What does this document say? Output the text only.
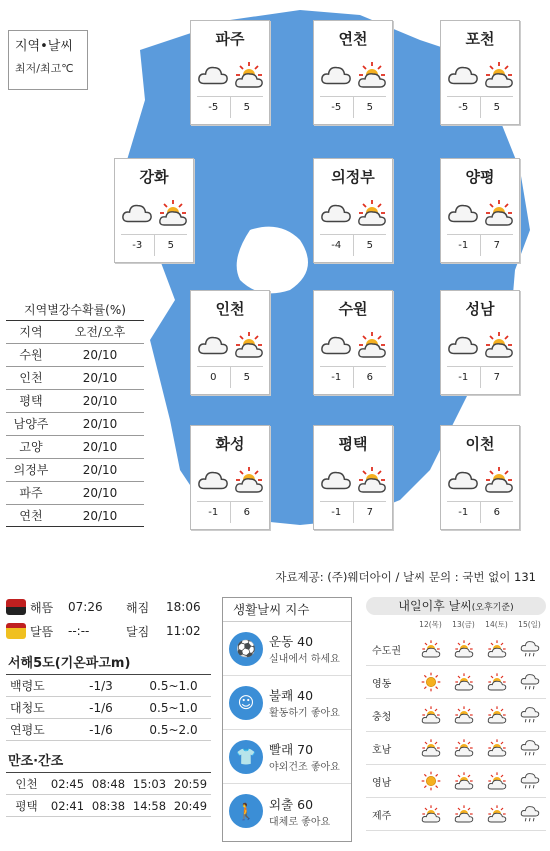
지역•날씨
최저/최고℃
파주
-5	5
연천
-5	5
포천
-5	5
강화
-3	5
의정부
-4	5
양평
-1	7
인천
0	5
수원
-1	6
성남
-1	7
화성
-1	6
평택
-1	7
이천
-1	6
지역별강수확률(%)
지역	오전/오후
수원	20/10
인천	20/10
평택	20/10
남양주	20/10
고양	20/10
의정부	20/10
파주	20/10
연천	20/10
자료제공: (주)웨더아이 / 날씨 문의 : 국번 없이 131
해뜸	07:26	해짐	18:06
달뜸	--:--	달짐	11:02
서해5도(기온파고m)
백령도	-1/3	0.5~1.0
대청도	-1/6	0.5~1.0
연평도	-1/6	0.5~2.0
만조·간조
인천	02:45 08:48 15:03 20:59
평택	02:41 08:38 14:58 20:49
생활날씨 지수
⚽	운동 40
실내에서 하세요
☺	불쾌 40
활동하기 좋아요
👕	빨래 70
야외건조 좋아요
🚶	외출 60
대체로 좋아요
내일이후 날씨(오후기준)
12(목)	13(금)	14(토)	15(일)
수도권
영동
충청
호남
영남
제주
